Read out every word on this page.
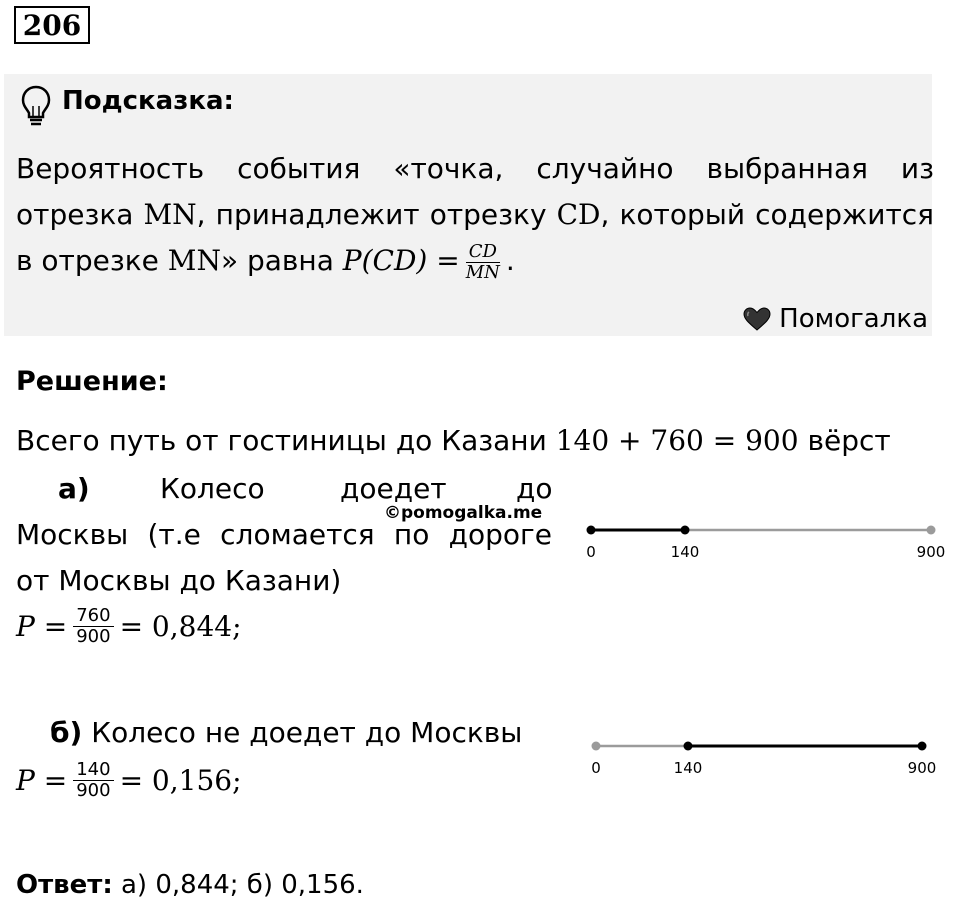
206
Подсказка:
Вероятность события «точка, случайно выбранная из
отрезка MN, принадлежит отрезку CD, который содержится
в отрезке MN» равна $P(CD) = \frac{CD}{MN}$ .
Помогалка
Решение:
Всего путь от гостиницы до Казани 140 + 760 = 900 вёрст
а)	Колесо	доедет до
Москвы (т.е сломается по дороге
от Москвы до Казани)
©pomogalka.me
$P = \frac{760}{900} = 0,844$;
б) Колесо не доедет до Москвы
$P = \frac{140}{900} = 0,156$;
0	140	900
0	140	900
Ответ: а) 0,844; б) 0,156.
